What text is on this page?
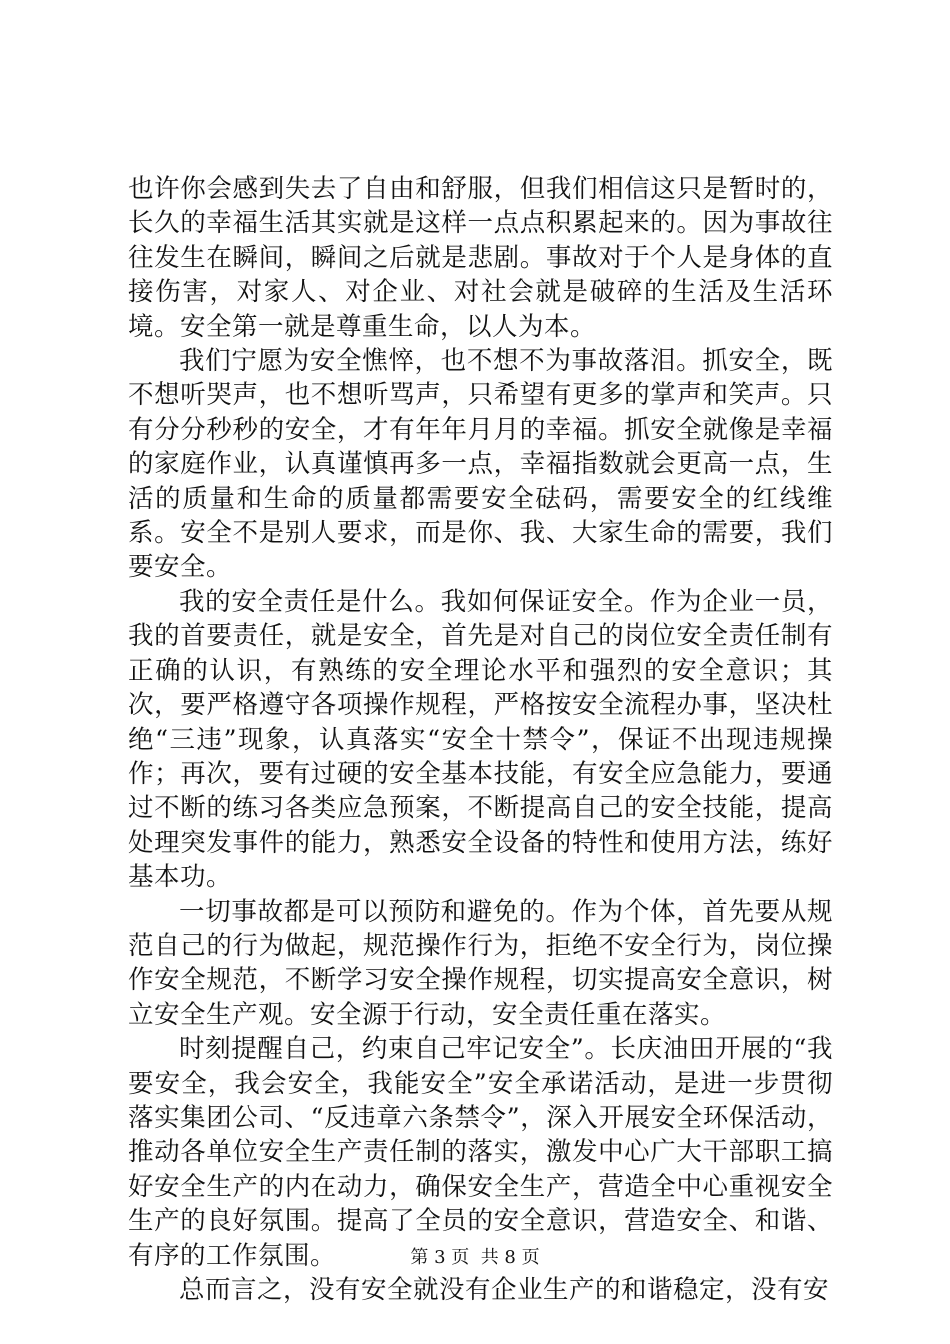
也许你会感到失去了自由和舒服，但我们相信这只是暂时的，长久的幸福生活其实就是这样一点点积累起来的。因为事故往往发生在瞬间，瞬间之后就是悲剧。事故对于个人是身体的直接伤害，对家人、对企业、对社会就是破碎的生活及生活环境。安全第一就是尊重生命，以人为本。

我们宁愿为安全憔悴，也不想不为事故落泪。抓安全，既不想听哭声，也不想听骂声，只希望有更多的掌声和笑声。只有分分秒秒的安全，才有年年月月的幸福。抓安全就像是幸福的家庭作业，认真谨慎再多一点，幸福指数就会更高一点，生活的质量和生命的质量都需要安全砝码，需要安全的红线维系。安全不是别人要求，而是你、我、大家生命的需要，我们要安全。

我的安全责任是什么。我如何保证安全。作为企业一员，我的首要责任，就是安全，首先是对自己的岗位安全责任制有正确的认识，有熟练的安全理论水平和强烈的安全意识；其次，要严格遵守各项操作规程，严格按安全流程办事，坚决杜绝“三违”现象，认真落实“安全十禁令”，保证不出现违规操作；再次，要有过硬的安全基本技能，有安全应急能力，要通过不断的练习各类应急预案，不断提高自己的安全技能，提高处理突发事件的能力，熟悉安全设备的特性和使用方法，练好基本功。

一切事故都是可以预防和避免的。作为个体，首先要从规范自己的行为做起，规范操作行为，拒绝不安全行为，岗位操作安全规范，不断学习安全操作规程，切实提高安全意识，树立安全生产观。安全源于行动，安全责任重在落实。

时刻提醒自己，约束自己牢记安全”。长庆油田开展的“我要安全，我会安全，我能安全”安全承诺活动，是进一步贯彻落实集团公司、“反违章六条禁令”，深入开展安全环保活动，推动各单位安全生产责任制的落实，激发中心广大干部职工搞好安全生产的内在动力，确保安全生产，营造全中心重视安全生产的良好氛围。提高了全员的安全意识，营造安全、和谐、有序的工作氛围。

总而言之，没有安全就没有企业生产的和谐稳定，没有安

第 3 页  共 8 页
